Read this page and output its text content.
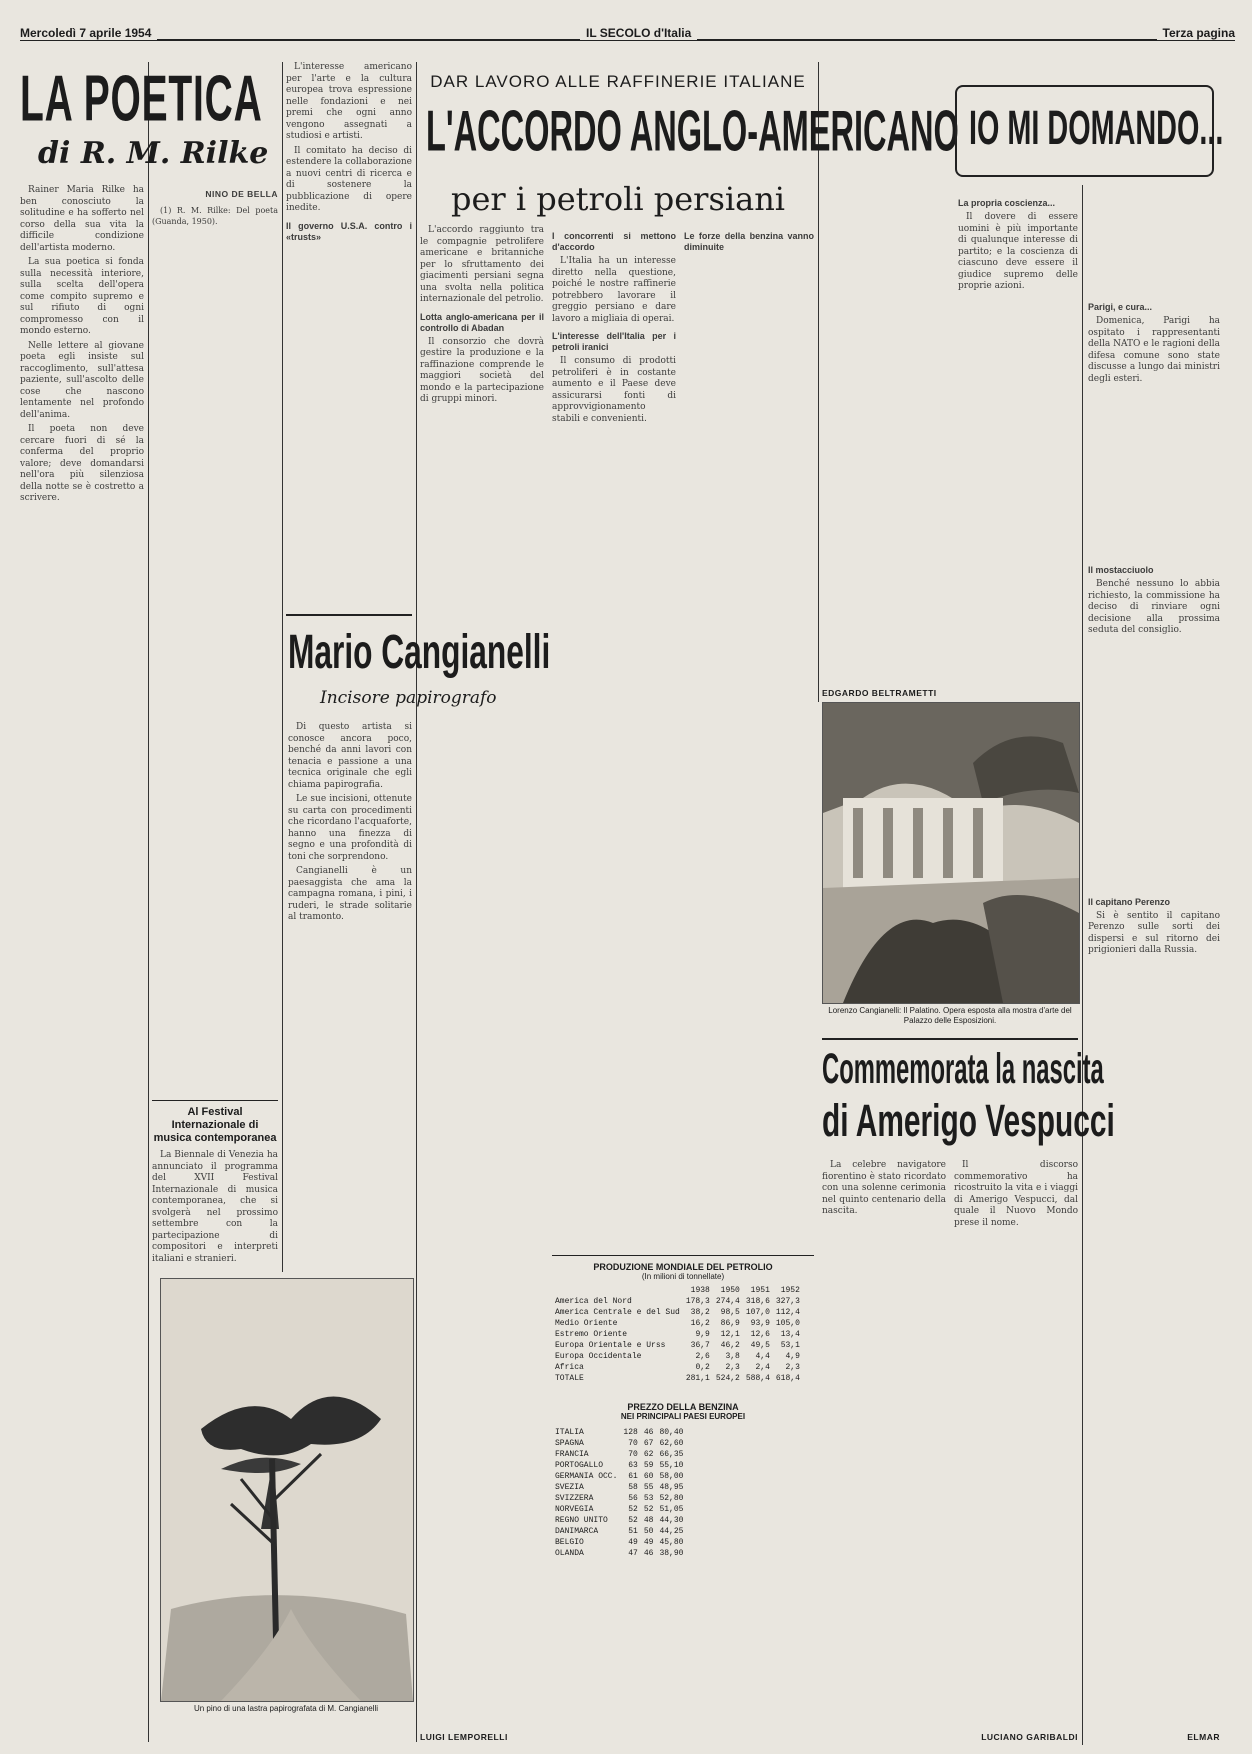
Mercoledì 7 aprile 1954	IL SECOLO d'Italia	Terza pagina
LA POETICA
di R. M. Rilke

Rainer Maria Rilke ha ben conosciuto la solitudine e ha sofferto nel corso della sua vita la difficile condizione dell'artista moderno.

La sua poetica si fonda sulla necessità interiore, sulla scelta dell'opera come compito supremo e sul rifiuto di ogni compromesso con il mondo esterno.

Nelle lettere al giovane poeta egli insiste sul raccoglimento, sull'attesa paziente, sull'ascolto delle cose che nascono lentamente nel profondo dell'anima.

Il poeta non deve cercare fuori di sé la conferma del proprio valore; deve domandarsi nell'ora più silenziosa della notte se è costretto a scrivere.

NINO DE BELLA

(1) R. M. Rilke: Del poeta (Guanda, 1950).

L'interesse americano per l'arte e la cultura europea trova espressione nelle fondazioni e nei premi che ogni anno vengono assegnati a studiosi e artisti.

Il comitato ha deciso di estendere la collaborazione a nuovi centri di ricerca e di sostenere la pubblicazione di opere inedite.

Il governo U.S.A. contro i «trusts»
Mario Cangianelli
Incisore papirografo

Di questo artista si conosce ancora poco, benché da anni lavori con tenacia e passione a una tecnica originale che egli chiama papirografia.

Le sue incisioni, ottenute su carta con procedimenti che ricordano l'acquaforte, hanno una finezza di segno e una profondità di toni che sorprendono.

Cangianelli è un paesaggista che ama la campagna romana, i pini, i ruderi, le strade solitarie al tramonto.

Al Festival Internazionale di musica contemporanea

La Biennale di Venezia ha annunciato il programma del XVII Festival Internazionale di musica contemporanea, che si svolgerà nel prossimo settembre con la partecipazione di compositori e interpreti italiani e stranieri.

Un pino di una lastra papirografata di M. Cangianelli
LUIGI LEMPORELLI
DAR LAVORO ALLE RAFFINERIE ITALIANE
L'ACCORDO ANGLO-AMERICANO
per i petroli persiani

L'accordo raggiunto tra le compagnie petrolifere americane e britanniche per lo sfruttamento dei giacimenti persiani segna una svolta nella politica internazionale del petrolio.

Lotta anglo-americana per il controllo di Abadan

Il consorzio che dovrà gestire la produzione e la raffinazione comprende le maggiori società del mondo e la partecipazione di gruppi minori.

I concorrenti si mettono d'accordo

L'Italia ha un interesse diretto nella questione, poiché le nostre raffinerie potrebbero lavorare il greggio persiano e dare lavoro a migliaia di operai.

L'interesse dell'Italia per i petroli iranici

Il consumo di prodotti petroliferi è in costante aumento e il Paese deve assicurarsi fonti di approvvigionamento stabili e convenienti.

Le forze della benzina vanno diminuite
EDGARDO BELTRAMETTI
PRODUZIONE MONDIALE DEL PETROLIO
(In milioni di tonnellate)
	1938	1950	1951	1952
America del Nord	178,3	274,4	318,6	327,3
America Centrale e del Sud	38,2	98,5	107,0	112,4
Medio Oriente	16,2	86,9	93,9	105,0
Estremo Oriente	9,9	12,1	12,6	13,4
Europa Orientale e Urss	36,7	46,2	49,5	53,1
Europa Occidentale	2,6	3,8	4,4	4,9
Africa	0,2	2,3	2,4	2,3
TOTALE	281,1	524,2	588,4	618,4
PREZZO DELLA BENZINA
NEI PRINCIPALI PAESI EUROPEI
ITALIA	128	46	80,40
SPAGNA	70	67	62,60
FRANCIA	70	62	66,35
PORTOGALLO	63	59	55,10
GERMANIA OCC.	61	60	58,00
SVEZIA	58	55	48,95
SVIZZERA	56	53	52,80
NORVEGIA	52	52	51,05
REGNO UNITO	52	48	44,30
DANIMARCA	51	50	44,25
BELGIO	49	49	45,80
OLANDA	47	46	38,90
IO MI DOMANDO...
La propria coscienza...

Il dovere di essere uomini è più importante di qualunque interesse di partito; e la coscienza di ciascuno deve essere il giudice supremo delle proprie azioni.

Parigi, e cura...

Domenica, Parigi ha ospitato i rappresentanti della NATO e le ragioni della difesa comune sono state discusse a lungo dai ministri degli esteri.

Il mostacciuolo

Benché nessuno lo abbia richiesto, la commissione ha deciso di rinviare ogni decisione alla prossima seduta del consiglio.

Il capitano Perenzo

Si è sentito il capitano Perenzo sulle sorti dei dispersi e sul ritorno dei prigionieri dalla Russia.

ELMAR
Lorenzo Cangianelli: Il Palatino. Opera esposta alla mostra d'arte del Palazzo delle Esposizioni.
Commemorata la nascita
di Amerigo Vespucci

La celebre navigatore fiorentino è stato ricordato con una solenne cerimonia nel quinto centenario della nascita.

Il discorso commemorativo ha ricostruito la vita e i viaggi di Amerigo Vespucci, dal quale il Nuovo Mondo prese il nome.

LUCIANO GARIBALDI
